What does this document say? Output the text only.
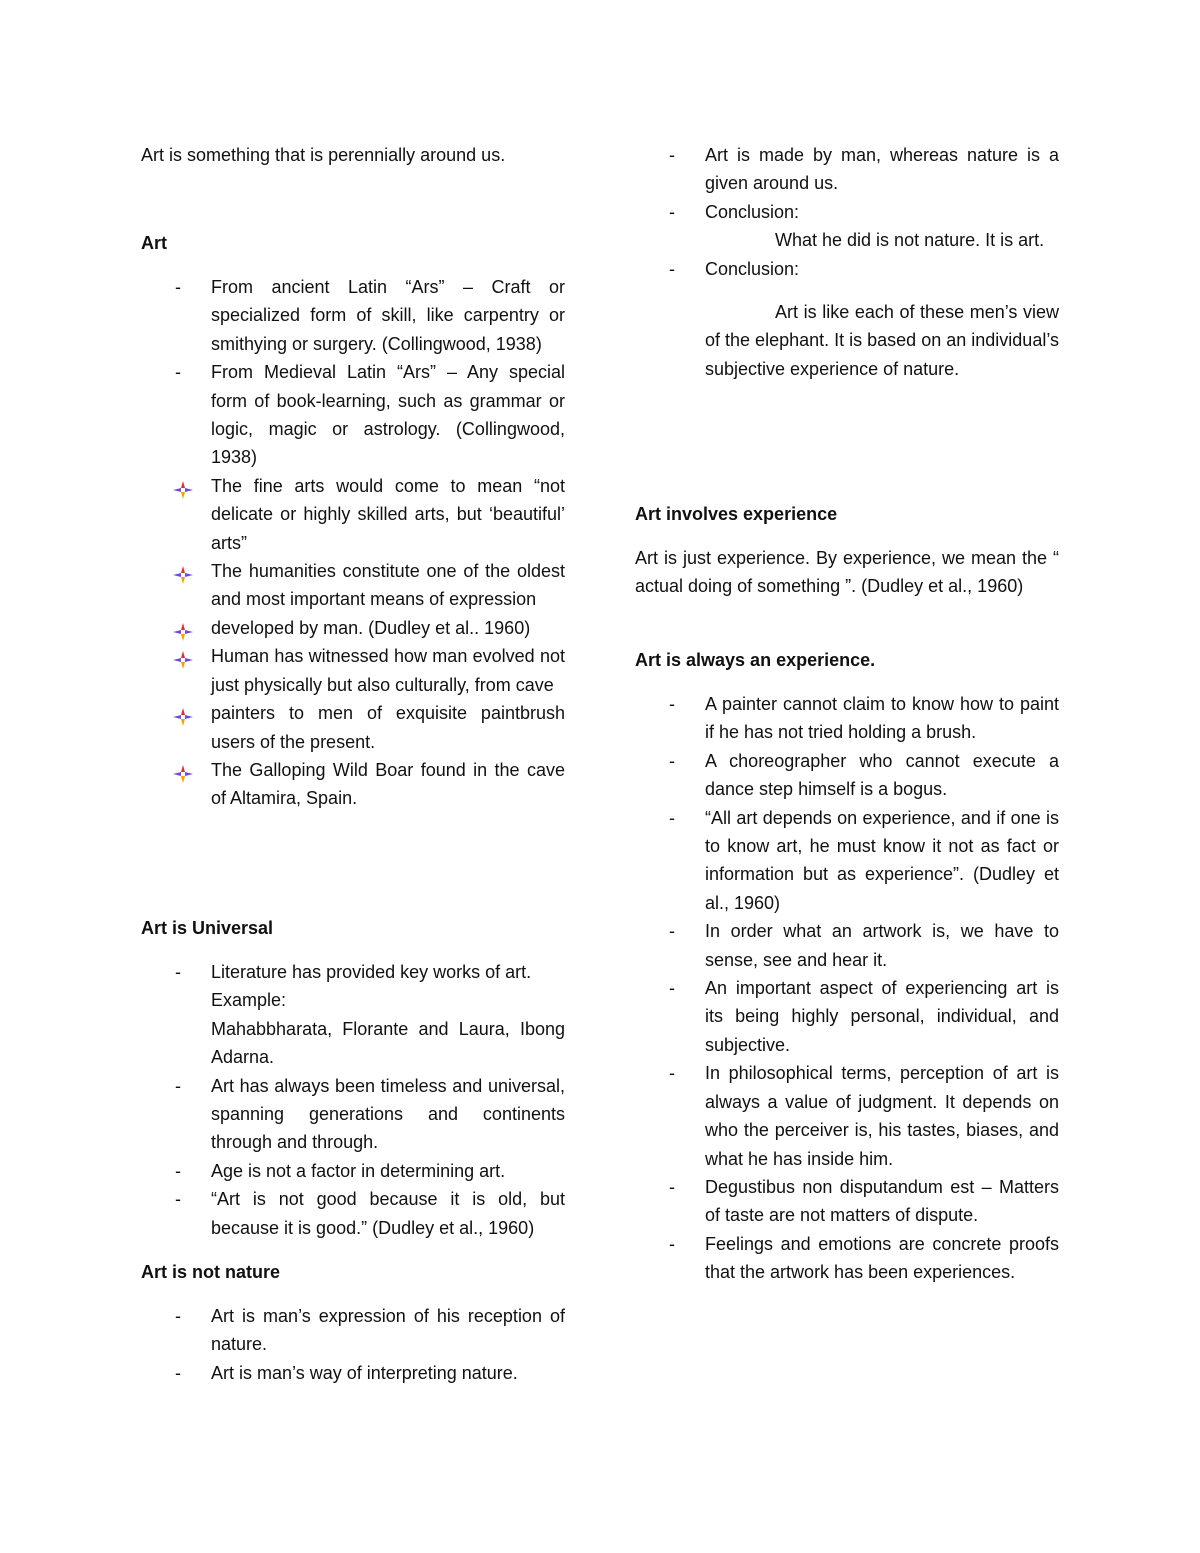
Art is something that is perennially around us.

Art

-	From ancient Latin “Ars” – Craft or specialized form of skill, like carpentry or smithying or surgery. (Collingwood, 1938)
-	From Medieval Latin “Ars” – Any special form of book-learning, such as grammar or logic, magic or astrology. (Collingwood, 1938)
The fine arts would come to mean “not delicate or highly skilled arts, but ‘beautiful’ arts”
The humanities constitute one of the oldest and most important means of expression
developed by man. (Dudley et al.. 1960)
Human has witnessed how man evolved not just physically but also culturally, from cave
painters to men of exquisite paintbrush users of the present.
The Galloping Wild Boar found in the cave of Altamira, Spain.

Art is Universal

-	Literature has provided key works of art.
Example:
Mahabbharata, Florante and Laura, Ibong Adarna.
-	Art has always been timeless and universal, spanning generations and continents through and through.
-	Age is not a factor in determining art.
-	“Art is not good because it is old, but because it is good.” (Dudley et al., 1960)

Art is not nature

-	Art is man’s expression of his reception of nature.
-	Art is man’s way of interpreting nature.
-	Art is made by man, whereas nature is a given around us.
-	Conclusion:
What he did is not nature. It is art.
-	Conclusion:
Art is like each of these men’s view of the elephant. It is based on an individual’s subjective experience of nature.

Art involves experience

Art is just experience. By experience, we mean the “ actual doing of something ”. (Dudley et al., 1960)

Art is always an experience.

-	A painter cannot claim to know how to paint if he has not tried holding a brush.
-	A choreographer who cannot execute a dance step himself is a bogus.
-	“All art depends on experience, and if one is to know art, he must know it not as fact or information but as experience”. (Dudley et al., 1960)
-	In order what an artwork is, we have to sense, see and hear it.
-	An important aspect of experiencing art is its being highly personal, individual, and subjective.
-	In philosophical terms, perception of art is always a value of judgment. It depends on who the perceiver is, his tastes, biases, and what he has inside him.
-	Degustibus non disputandum est – Matters of taste are not matters of dispute.
-	Feelings and emotions are concrete proofs that the artwork has been experiences.
